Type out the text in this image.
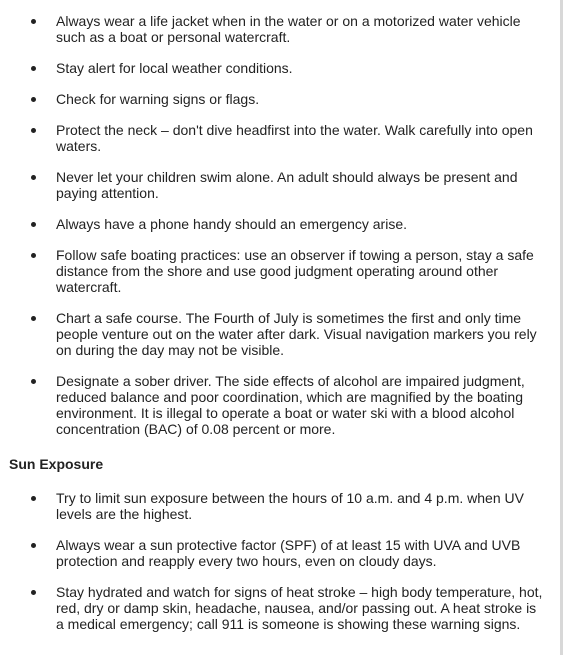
Always wear a life jacket when in the water or on a motorized water vehicle such as a boat or personal watercraft.
Stay alert for local weather conditions.
Check for warning signs or flags.
Protect the neck – don't dive headfirst into the water. Walk carefully into open waters.
Never let your children swim alone. An adult should always be present and paying attention.
Always have a phone handy should an emergency arise.
Follow safe boating practices: use an observer if towing a person, stay a safe distance from the shore and use good judgment operating around other watercraft.
Chart a safe course. The Fourth of July is sometimes the first and only time people venture out on the water after dark. Visual navigation markers you rely on during the day may not be visible.
Designate a sober driver. The side effects of alcohol are impaired judgment, reduced balance and poor coordination, which are magnified by the boating environment. It is illegal to operate a boat or water ski with a blood alcohol concentration (BAC) of 0.08 percent or more.
Sun Exposure
Try to limit sun exposure between the hours of 10 a.m. and 4 p.m. when UV levels are the highest.
Always wear a sun protective factor (SPF) of at least 15 with UVA and UVB protection and reapply every two hours, even on cloudy days.
Stay hydrated and watch for signs of heat stroke – high body temperature, hot, red, dry or damp skin, headache, nausea, and/or passing out. A heat stroke is a medical emergency; call 911 is someone is showing these warning signs.
